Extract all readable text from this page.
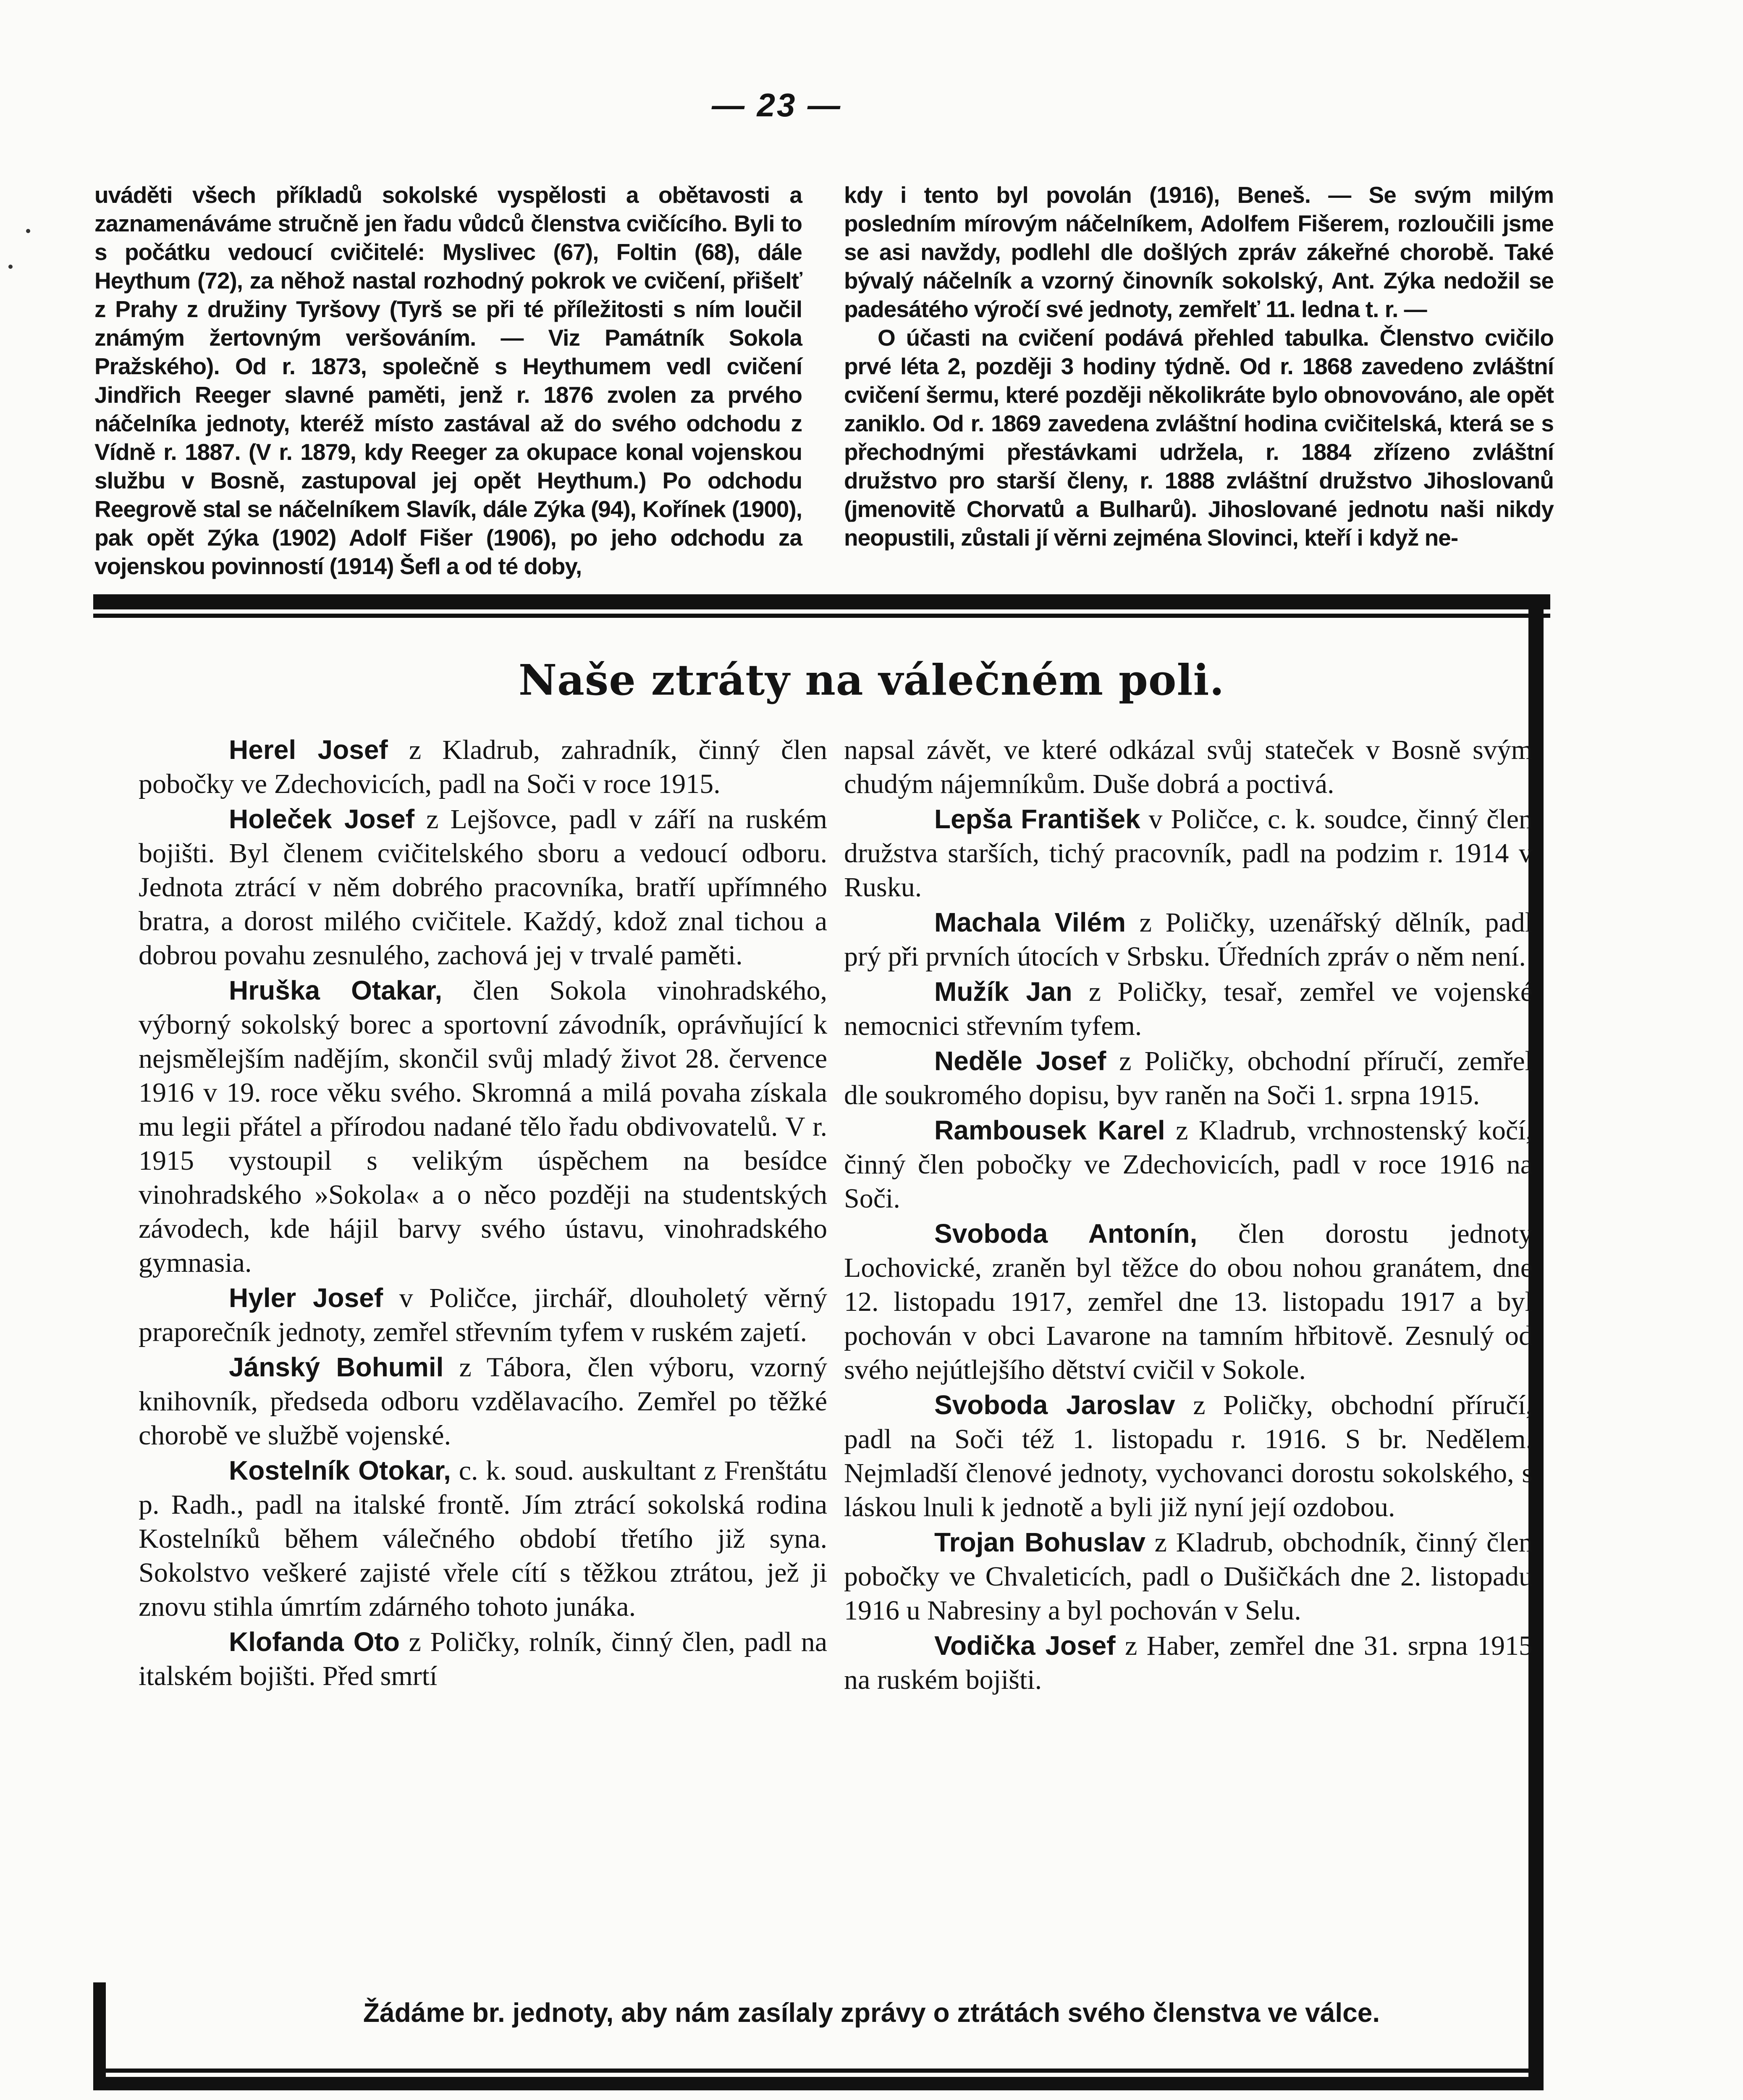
— 23 —

uváděti všech příkladů sokolské vyspělosti a obětavosti a zaznamenáváme stručně jen řadu vůdců členstva cvičícího. Byli to s počátku vedoucí cvičitelé: Myslivec (67), Foltin (68), dále Heythum (72), za něhož nastal rozhodný pokrok ve cvičení, přišelť z Prahy z družiny Tyršovy (Tyrš se při té příležitosti s ním loučil známým žertovným veršováním. — Viz Památník Sokola Pražského). Od r. 1873, společně s Heythumem vedl cvičení Jindřich Reeger slavné paměti, jenž r. 1876 zvolen za prvého náčelníka jednoty, kteréž místo zastával až do svého odchodu z Vídně r. 1887. (V r. 1879, kdy Reeger za okupace konal vojenskou službu v Bosně, zastupoval jej opět Heythum.) Po odchodu Reegrově stal se náčelníkem Slavík, dále Zýka (94), Kořínek (1900), pak opět Zýka (1902) Adolf Fišer (1906), po jeho odchodu za vojenskou povinností (1914) Šefl a od té doby,

kdy i tento byl povolán (1916), Beneš. — Se svým milým posledním mírovým náčelníkem, Adolfem Fišerem, rozloučili jsme se asi navždy, podlehl dle došlých zpráv zákeřné chorobě. Také bývalý náčelník a vzorný činovník sokolský, Ant. Zýka nedožil se padesátého výročí své jednoty, zemřelť 11. ledna t. r. —

O účasti na cvičení podává přehled tabulka. Členstvo cvičilo prvé léta 2, později 3 hodiny týdně. Od r. 1868 zavedeno zvláštní cvičení šermu, které později několikráte bylo obnovováno, ale opět zaniklo. Od r. 1869 zavedena zvláštní hodina cvičitelská, která se s přechodnými přestávkami udržela, r. 1884 zřízeno zvláštní družstvo pro starší členy, r. 1888 zvláštní družstvo Jihoslovanů (jmenovitě Chorvatů a Bulharů). Jihoslované jednotu naši nikdy neopustili, zůstali jí věrni zejména Slovinci, kteří i když ne-

Naše ztráty na válečném poli.

Herel Josef z Kladrub, zahradník, činný člen pobočky ve Zdechovicích, padl na Soči v roce 1915.

Holeček Josef z Lejšovce, padl v září na ruském bojišti. Byl členem cvičitelského sboru a vedoucí odboru. Jednota ztrácí v něm dobrého pracovníka, bratří upřímného bratra, a dorost milého cvičitele. Každý, kdož znal tichou a dobrou povahu zesnulého, zachová jej v trvalé paměti.

Hruška Otakar, člen Sokola vinohradského, výborný sokolský borec a sportovní závodník, oprávňující k nejsmělejším nadějím, skončil svůj mladý život 28. července 1916 v 19. roce věku svého. Skromná a milá povaha získala mu legii přátel a přírodou nadané tělo řadu obdivovatelů. V r. 1915 vystoupil s velikým úspěchem na besídce vinohradského »Sokola« a o něco později na studentských závodech, kde hájil barvy svého ústavu, vinohradského gymnasia.

Hyler Josef v Poličce, jirchář, dlouholetý věrný praporečník jednoty, zemřel střevním tyfem v ruském zajetí.

Jánský Bohumil z Tábora, člen výboru, vzorný knihovník, předseda odboru vzdělavacího. Zemřel po těžké chorobě ve službě vojenské.

Kostelník Otokar, c. k. soud. auskultant z Frenštátu p. Radh., padl na italské frontě. Jím ztrácí sokolská rodina Kostelníků během válečného období třetího již syna. Sokolstvo veškeré zajisté vřele cítí s těžkou ztrátou, jež ji znovu stihla úmrtím zdárného tohoto junáka.

Klofanda Oto z Poličky, rolník, činný člen, padl na italském bojišti. Před smrtí

napsal závět, ve které odkázal svůj stateček v Bosně svým chudým nájemníkům. Duše dobrá a poctivá.

Lepša František v Poličce, c. k. soudce, činný člen družstva starších, tichý pracovník, padl na podzim r. 1914 v Rusku.

Machala Vilém z Poličky, uzenářský dělník, padl prý při prvních útocích v Srbsku. Úředních zpráv o něm není.

Mužík Jan z Poličky, tesař, zemřel ve vojenské nemocnici střevním tyfem.

Neděle Josef z Poličky, obchodní příručí, zemřel dle soukromého dopisu, byv raněn na Soči 1. srpna 1915.

Rambousek Karel z Kladrub, vrchnostenský kočí, činný člen pobočky ve Zdechovicích, padl v roce 1916 na Soči.

Svoboda Antonín, člen dorostu jednoty Lochovické, zraněn byl těžce do obou nohou granátem, dne 12. listopadu 1917, zemřel dne 13. listopadu 1917 a byl pochován v obci Lavarone na tamním hřbitově. Zesnulý od svého nejútlejšího dětství cvičil v Sokole.

Svoboda Jaroslav z Poličky, obchodní příručí, padl na Soči též 1. listopadu r. 1916. S br. Nedělem. Nejmladší členové jednoty, vychovanci dorostu sokolského, s láskou lnuli k jednotě a byli již nyní její ozdobou.

Trojan Bohuslav z Kladrub, obchodník, činný člen pobočky ve Chvaleticích, padl o Dušičkách dne 2. listopadu 1916 u Nabresiny a byl pochován v Selu.

Vodička Josef z Haber, zemřel dne 31. srpna 1915 na ruském bojišti.

Žádáme br. jednoty, aby nám zasílaly zprávy o ztrátách svého členstva ve válce.
